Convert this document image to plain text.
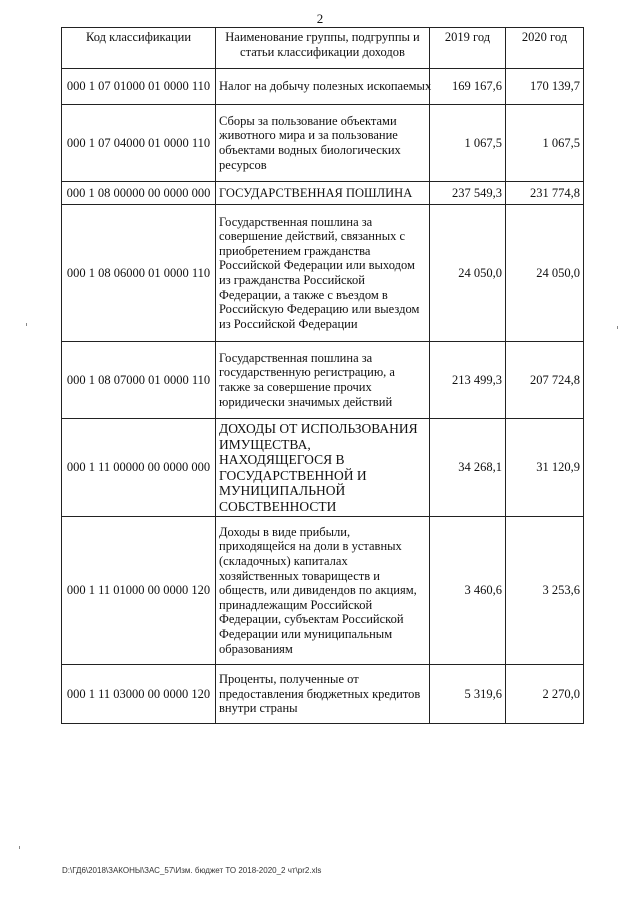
2
Код классификации	Наименование группы, подгруппы и статьи классификации доходов	2019 год	2020 год
000 1 07 01000 01 0000 110	Налог на добычу полезных ископаемых	169 167,6	170 139,7
000 1 07 04000 01 0000 110	Сборы за пользование объектами животного мира и за пользование объектами водных биологических ресурсов	1 067,5	1 067,5
000 1 08 00000 00 0000 000	ГОСУДАРСТВЕННАЯ ПОШЛИНА	237 549,3	231 774,8
000 1 08 06000 01 0000 110	Государственная пошлина за совершение действий, связанных с приобретением гражданства Российской Федерации или выходом из гражданства Российской Федерации, а также с въездом в Российскую Федерацию или выездом из Российской Федерации	24 050,0	24 050,0
000 1 08 07000 01 0000 110	Государственная пошлина за государственную регистрацию, а также за совершение прочих юридически значимых действий	213 499,3	207 724,8
000 1 11 00000 00 0000 000	ДОХОДЫ ОТ ИСПОЛЬЗОВАНИЯ ИМУЩЕСТВА, НАХОДЯЩЕГОСЯ В ГОСУДАРСТВЕННОЙ И МУНИЦИПАЛЬНОЙ СОБСТВЕННОСТИ	34 268,1	31 120,9
000 1 11 01000 00 0000 120	Доходы в виде прибыли, приходящейся на доли в уставных (складочных) капиталах хозяйственных товариществ и обществ, или дивидендов по акциям, принадлежащим Российской Федерации, субъектам Российской Федерации или муниципальным образованиям	3 460,6	3 253,6
000 1 11 03000 00 0000 120	Проценты, полученные от предоставления бюджетных кредитов внутри страны	5 319,6	2 270,0
D:\ГД6\2018\ЗАКОНЫ\ЗАС_57\Изм. бюджет ТО 2018-2020_2 чт\pr2.xls
